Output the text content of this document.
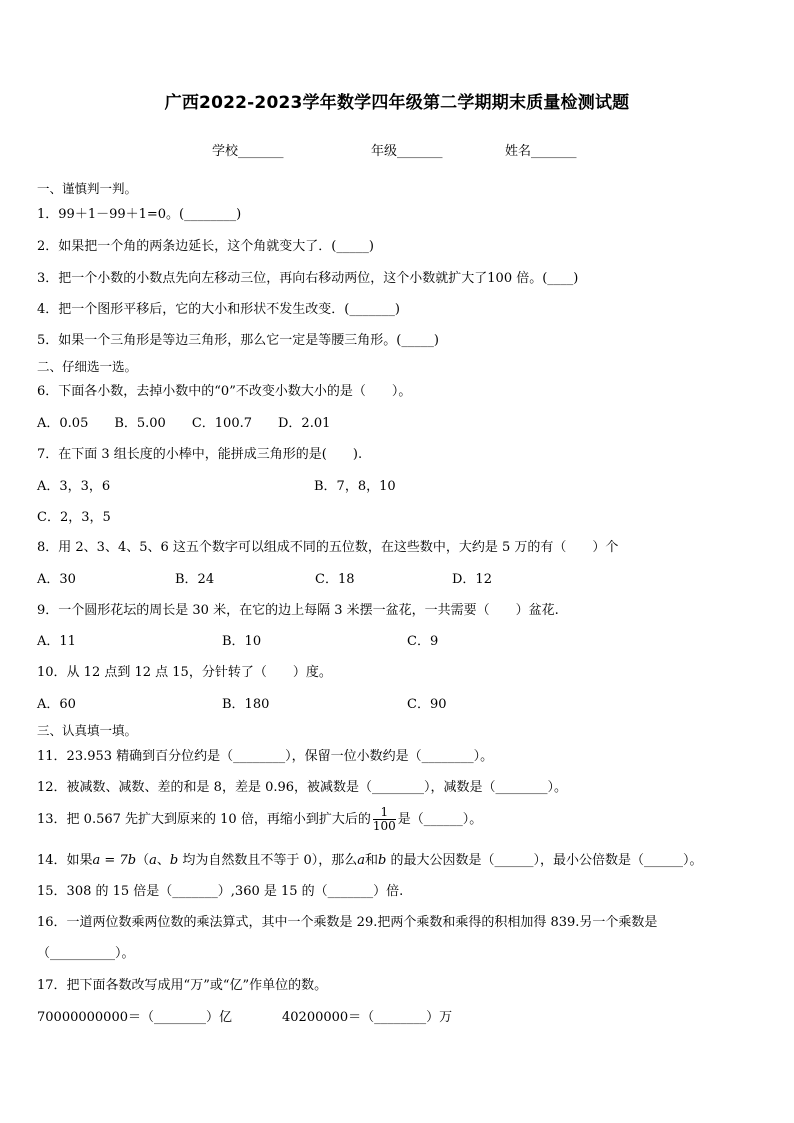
广西2022-2023学年数学四年级第二学期期末质量检测试题
学校_______	年级_______	姓名_______
一、谨慎判一判。
1．99＋1－99＋1=0。(________)
2．如果把一个角的两条边延长，这个角就变大了．(_____)
3．把一个小数的小数点先向左移动三位，再向右移动两位，这个小数就扩大了100 倍。(____)
4．把一个图形平移后，它的大小和形状不发生改变．(_______)
5．如果一个三角形是等边三角形，那么它一定是等腰三角形。(_____)
二、仔细选一选。
6．下面各小数，去掉小数中的“0”不改变小数大小的是（　　）。
A．0.05　　B．5.00　　C．100.7　　D．2.01
7．在下面 3 组长度的小棒中，能拼成三角形的是(　　).
A．3，3，6	B．7，8，10
C．2，3，5
8．用 2、3、4、5、6 这五个数字可以组成不同的五位数，在这些数中，大约是 5 万的有（　　）个
A．30	B．24	C．18	D．12
9．一个圆形花坛的周长是 30 米，在它的边上每隔 3 米摆一盆花，一共需要（　　）盆花.
A．11	B．10	C．9
10．从 12 点到 12 点 15，分针转了（　　）度。
A．60	B．180	C．90
三、认真填一填。
11．23.953 精确到百分位约是（________），保留一位小数约是（________）。
12．被减数、减数、差的和是 8，差是 0.96，被减数是（________），减数是（________）。
13．把 0.567 先扩大到原来的 10 倍，再缩小到扩大后的 $\frac{1}{100}$ 是（______）。
14．如果a = 7b（a、b 均为自然数且不等于 0），那么a和b 的最大公因数是（______），最小公倍数是（______）。
15．308 的 15 倍是（_______）,360 是 15 的（_______）倍.
16．一道两位数乘两位数的乘法算式，其中一个乘数是 29.把两个乘数和乘得的积相加得 839.另一个乘数是
（__________）。
17．把下面各数改写成用“万”或“亿”作单位的数。
70000000000＝（________）亿	40200000＝（________）万
